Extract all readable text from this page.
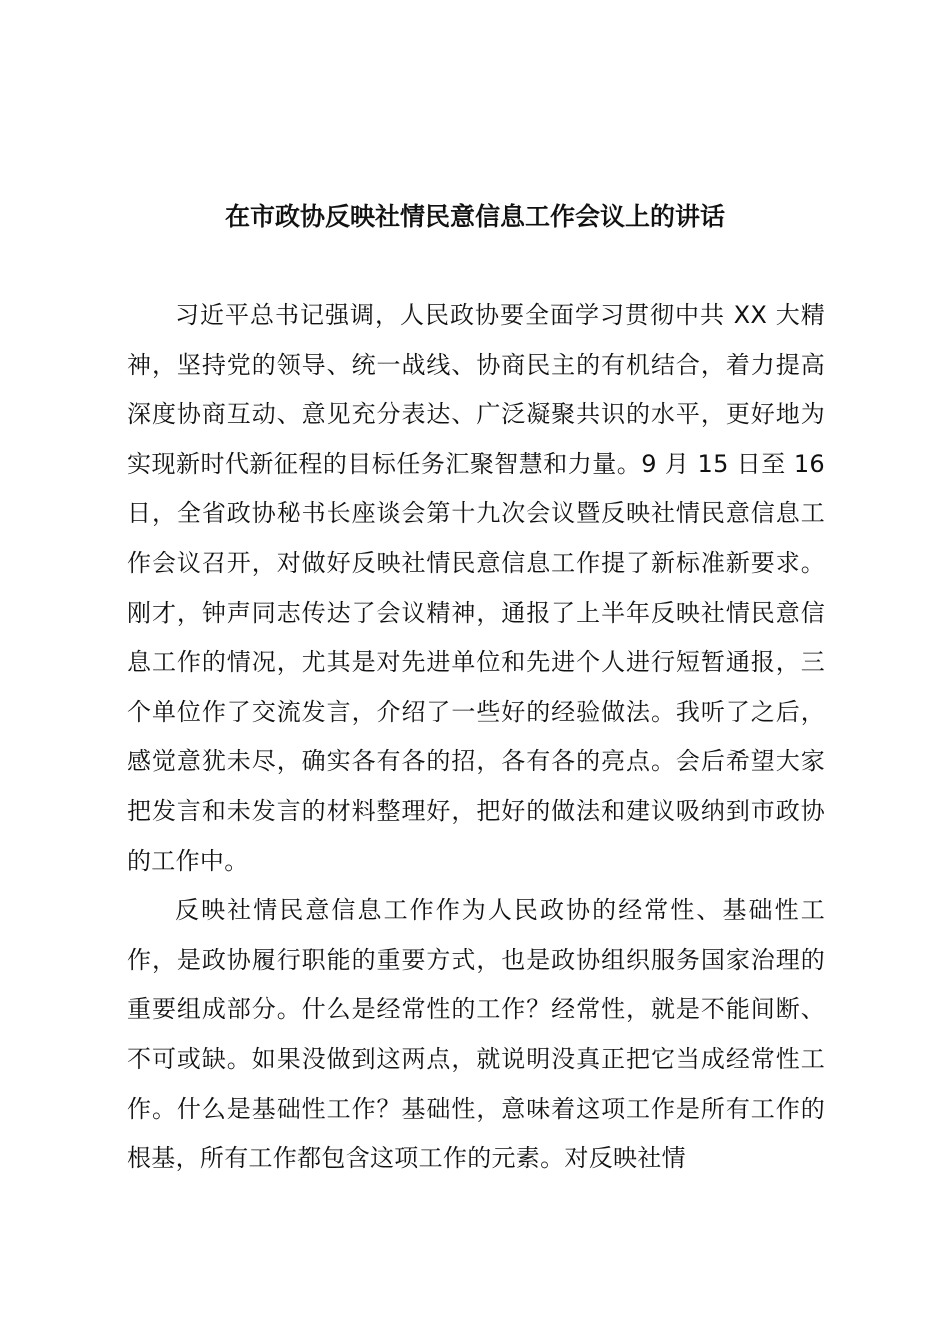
在市政协反映社情民意信息工作会议上的讲话

习近平总书记强调，人民政协要全面学习贯彻中共 XX 大精神，坚持党的领导、统一战线、协商民主的有机结合，着力提高深度协商互动、意见充分表达、广泛凝聚共识的水平，更好地为实现新时代新征程的目标任务汇聚智慧和力量。9 月 15 日至 16 日，全省政协秘书长座谈会第十九次会议暨反映社情民意信息工作会议召开，对做好反映社情民意信息工作提了新标准新要求。刚才，钟声同志传达了会议精神，通报了上半年反映社情民意信息工作的情况，尤其是对先进单位和先进个人进行短暂通报，三个单位作了交流发言，介绍了一些好的经验做法。我听了之后，感觉意犹未尽，确实各有各的招，各有各的亮点。会后希望大家把发言和未发言的材料整理好，把好的做法和建议吸纳到市政协的工作中。

反映社情民意信息工作作为人民政协的经常性、基础性工作，是政协履行职能的重要方式，也是政协组织服务国家治理的重要组成部分。什么是经常性的工作？经常性，就是不能间断、不可或缺。如果没做到这两点，就说明没真正把它当成经常性工作。什么是基础性工作？基础性，意味着这项工作是所有工作的根基，所有工作都包含这项工作的元素。对反映社情
